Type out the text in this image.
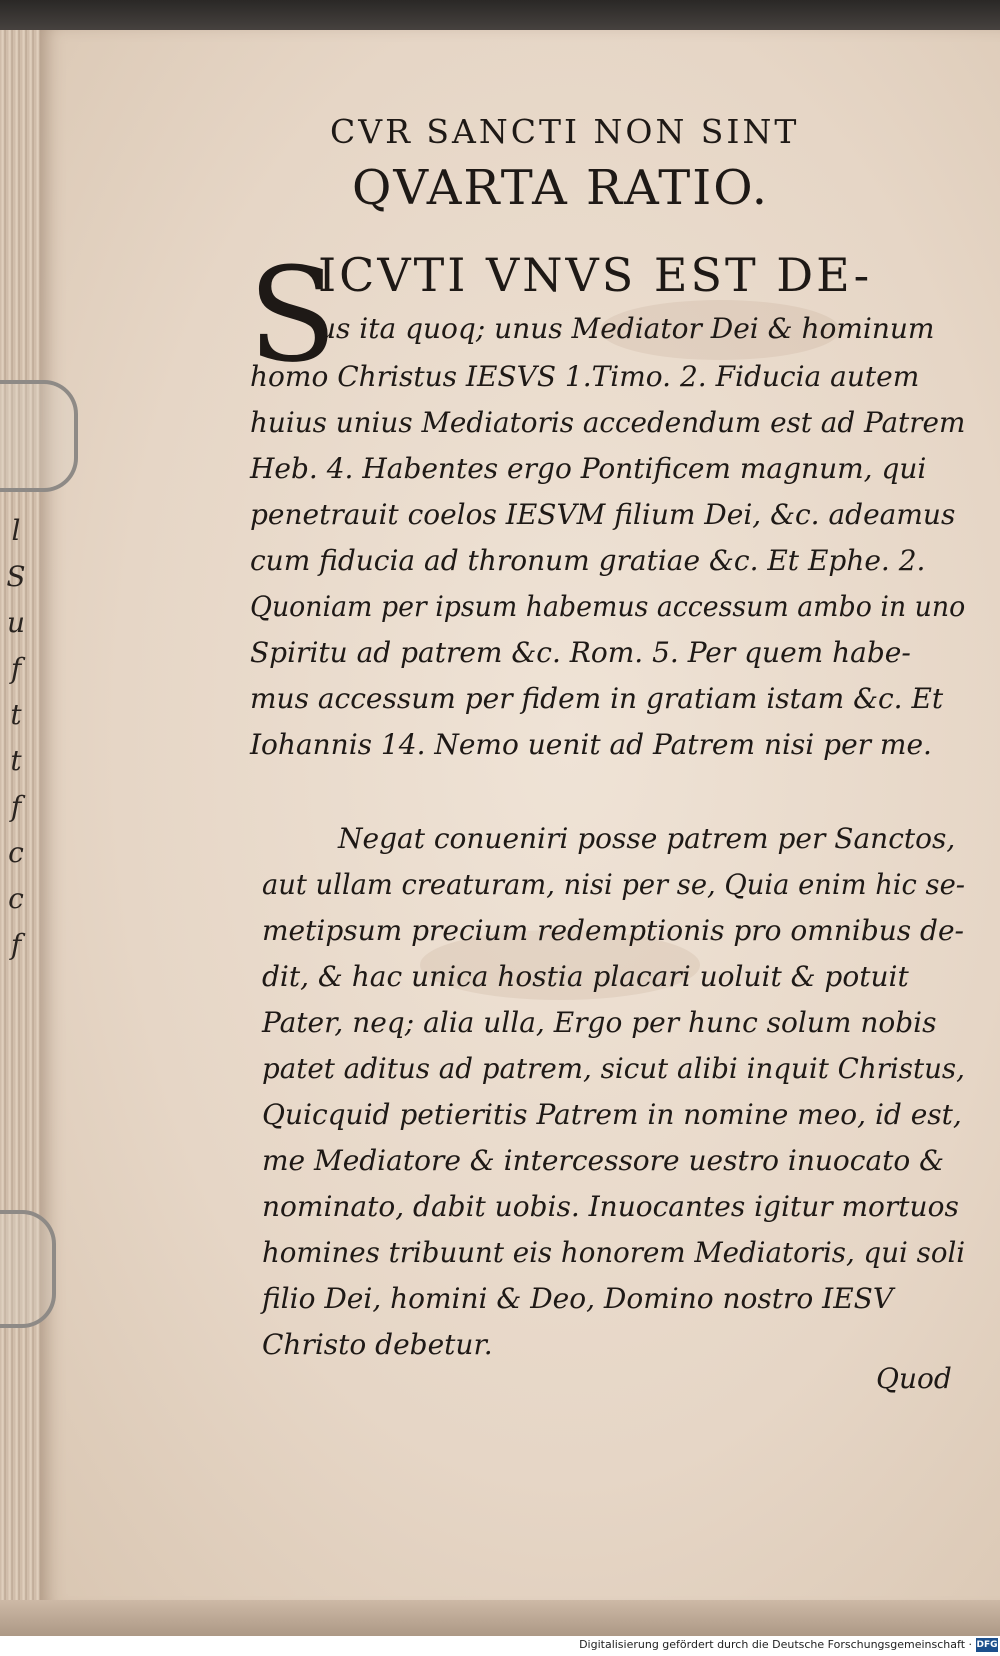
l
S
u
f
t
t
f
c
c
f
CVR SANCTI NON SINT
QVARTA RATIO.
S
ICVTI VNVS EST DE-
us ita quoq; unus Mediator Dei & hominum
homo Christus IESVS 1.Timo. 2. Fiducia autem
huius unius Mediatoris accedendum est ad Patrem
Heb. 4. Habentes ergo Pontificem magnum, qui
penetrauit coelos IESVM filium Dei, &c. adeamus
cum fiducia ad thronum gratiae &c. Et Ephe. 2.
Quoniam per ipsum habemus accessum ambo in uno
Spiritu ad patrem &c. Rom. 5. Per quem habe-
mus accessum per fidem in gratiam istam &c. Et
Iohannis 14. Nemo uenit ad Patrem nisi per me.
Negat conueniri posse patrem per Sanctos,
aut ullam creaturam, nisi per se, Quia enim hic se-
metipsum precium redemptionis pro omnibus de-
dit, & hac unica hostia placari uoluit & potuit
Pater, neq; alia ulla, Ergo per hunc solum nobis
patet aditus ad patrem, sicut alibi inquit Christus,
Quicquid petieritis Patrem in nomine meo, id est,
me Mediatore & intercessore uestro inuocato &
nominato, dabit uobis. Inuocantes igitur mortuos
homines tribuunt eis honorem Mediatoris, qui soli
filio Dei, homini & Deo, Domino nostro IESV
Christo debetur.
Quod
Digitalisierung gefördert durch die Deutsche Forschungsgemeinschaft · DFG
